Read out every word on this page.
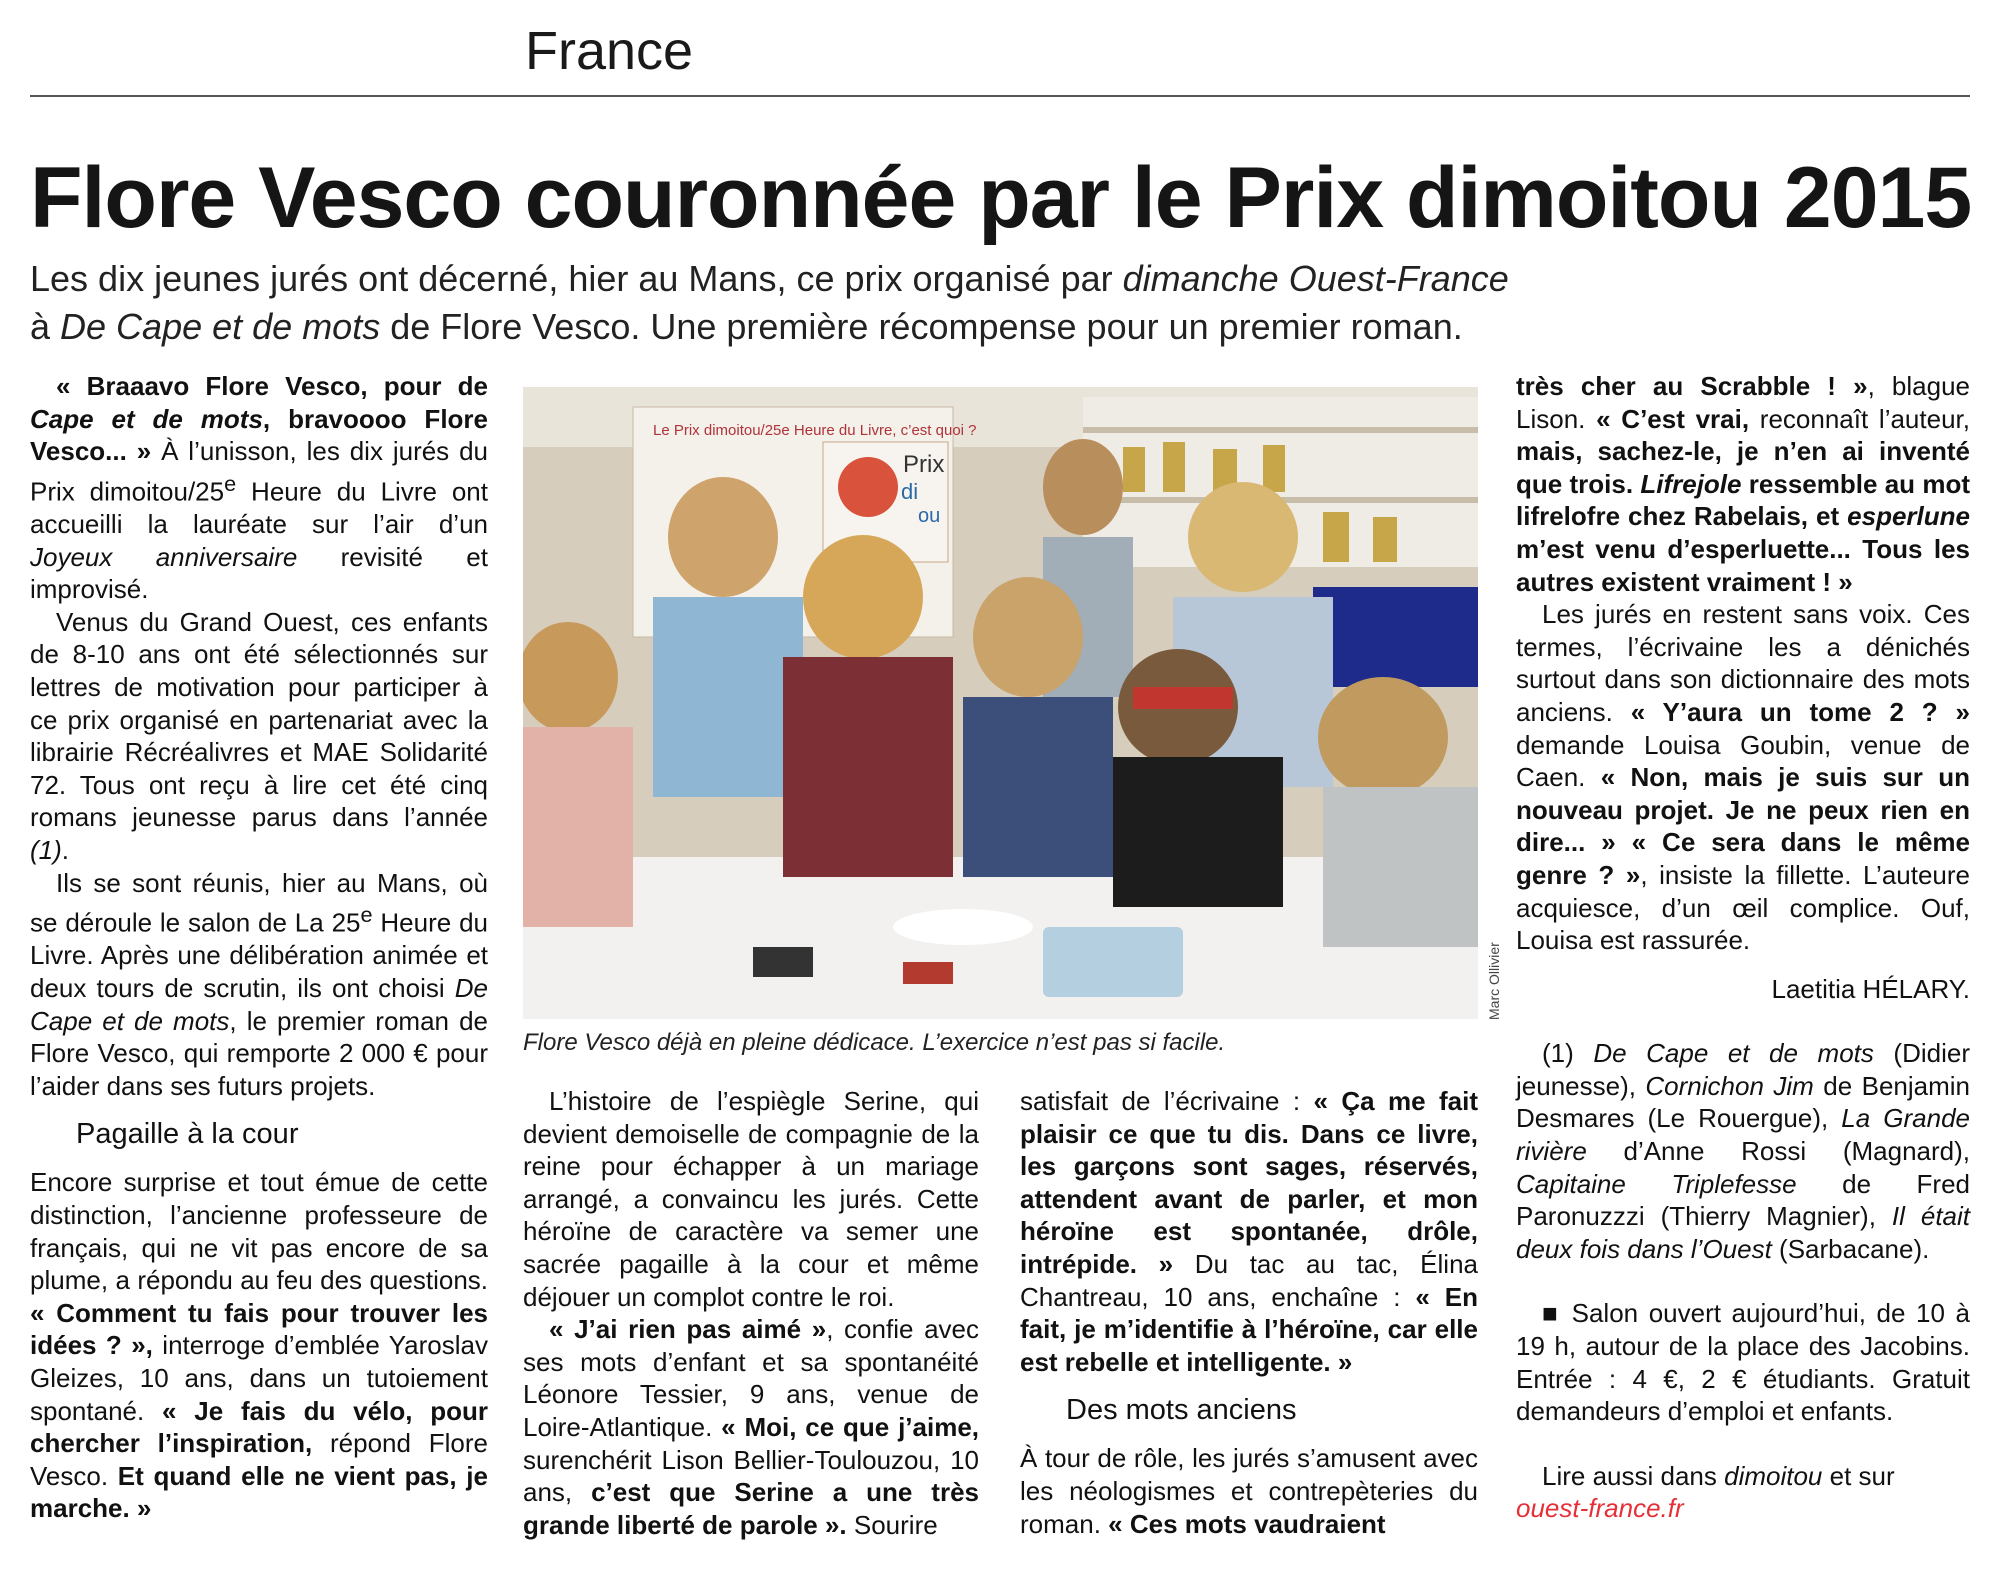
France
Flore Vesco couronnée par le Prix dimoitou 2015

Les dix jeunes jurés ont décerné, hier au Mans, ce prix organisé par dimanche Ouest-France

à De Cape et de mots de Flore Vesco. Une première récompense pour un premier roman.

« Braaavo Flore Vesco, pour de Cape et de mots, bravoooo Flore Vesco... » À l’unisson, les dix jurés du Prix dimoitou/25e Heure du Livre ont accueilli la lauréate sur l’air d’un Joyeux anniversaire revisité et improvisé.

Venus du Grand Ouest, ces enfants de 8-10 ans ont été sélectionnés sur lettres de motivation pour participer à ce prix organisé en partenariat avec la librairie Récréalivres et MAE Solidarité 72. Tous ont reçu à lire cet été cinq romans jeunesse parus dans l’année (1).

Ils se sont réunis, hier au Mans, où se déroule le salon de La 25e Heure du Livre. Après une délibération animée et deux tours de scrutin, ils ont choisi De Cape et de mots, le premier roman de Flore Vesco, qui remporte 2 000 € pour l’aider dans ses futurs projets.

Pagaille à la cour

Encore surprise et tout émue de cette distinction, l’ancienne professeure de français, qui ne vit pas encore de sa plume, a répondu au feu des questions. « Comment tu fais pour trouver les idées ? », interroge d’emblée Yaroslav Gleizes, 10 ans, dans un tutoiement spontané. « Je fais du vélo, pour chercher l’inspiration, répond Flore Vesco. Et quand elle ne vient pas, je marche. »

Le Prix dimoitou/25e Heure du Livre, c’est quoi ?
Prix
di
ou
Marc Ollivier
Flore Vesco déjà en pleine dédicace. L’exercice n’est pas si facile.

L’histoire de l’espiègle Serine, qui devient demoiselle de compagnie de la reine pour échapper à un mariage arrangé, a convaincu les jurés. Cette héroïne de caractère va semer une sacrée pagaille à la cour et même déjouer un complot contre le roi.

« J’ai rien pas aimé », confie avec ses mots d’enfant et sa spontanéité Léonore Tessier, 9 ans, venue de Loire-Atlantique. « Moi, ce que j’aime, surenchérit Lison Bellier-Toulouzou, 10 ans, c’est que Serine a une très grande liberté de parole ». Sourire

satisfait de l’écrivaine : « Ça me fait plaisir ce que tu dis. Dans ce livre, les garçons sont sages, réservés, attendent avant de parler, et mon héroïne est spontanée, drôle, intrépide. » Du tac au tac, Élina Chantreau, 10 ans, enchaîne : « En fait, je m’identifie à l’héroïne, car elle est rebelle et intelligente. »

Des mots anciens

À tour de rôle, les jurés s’amusent avec les néologismes et contrepèteries du roman. « Ces mots vaudraient

très cher au Scrabble ! », blague Lison. « C’est vrai, reconnaît l’auteur, mais, sachez-le, je n’en ai inventé que trois. Lifrejole ressemble au mot lifrelofre chez Rabelais, et esperlune m’est venu d’esperluette... Tous les autres existent vraiment ! »

Les jurés en restent sans voix. Ces termes, l’écrivaine les a dénichés surtout dans son dictionnaire des mots anciens. « Y’aura un tome 2 ? » demande Louisa Goubin, venue de Caen. « Non, mais je suis sur un nouveau projet. Je ne peux rien en dire... » « Ce sera dans le même genre ? », insiste la fillette. L’auteure acquiesce, d’un œil complice. Ouf, Louisa est rassurée.

Laetitia HÉLARY.

(1) De Cape et de mots (Didier jeunesse), Cornichon Jim de Benjamin Desmares (Le Rouergue), La Grande rivière d’Anne Rossi (Magnard), Capitaine Triplefesse de Fred Paronuzzzi (Thierry Magnier), Il était deux fois dans l’Ouest (Sarbacane).

■ Salon ouvert aujourd’hui, de 10 à 19 h, autour de la place des Jacobins. Entrée : 4 €, 2 € étudiants. Gratuit demandeurs d’emploi et enfants.

Lire aussi dans dimoitou et sur
ouest-france.fr
